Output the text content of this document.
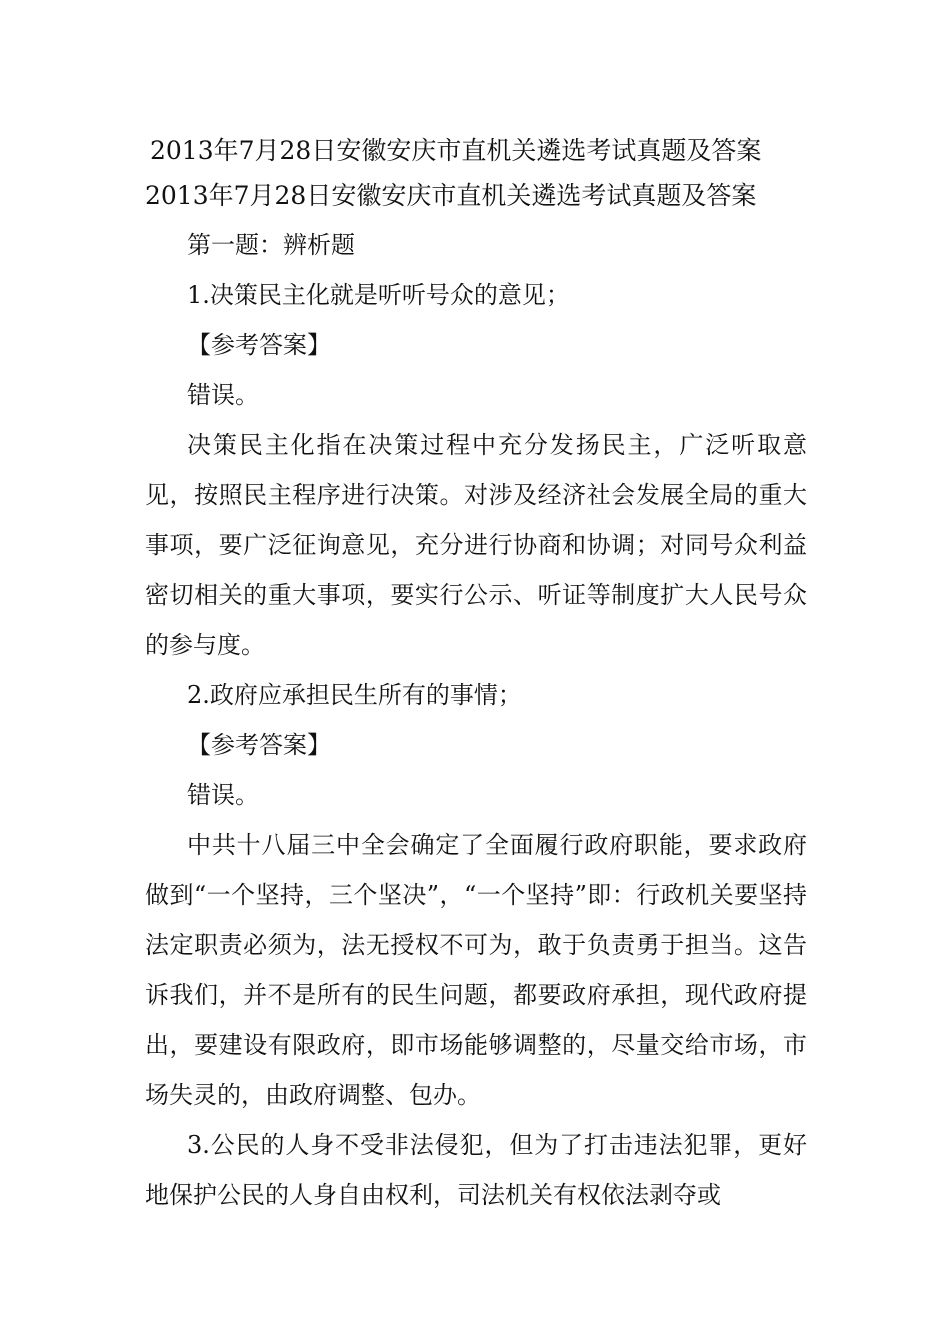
2013年7月28日安徽安庆市直机关遴选考试真题及答案
2013年7月28日安徽安庆市直机关遴选考试真题及答案

第一题：辨析题

1.决策民主化就是听听号众的意见；

【参考答案】

错误。

决策民主化指在决策过程中充分发扬民主，广泛听取意见，按照民主程序进行决策。对涉及经济社会发展全局的重大事项，要广泛征询意见，充分进行协商和协调；对同号众利益密切相关的重大事项，要实行公示、听证等制度扩大人民号众的参与度。

2.政府应承担民生所有的事情；

【参考答案】

错误。

中共十八届三中全会确定了全面履行政府职能，要求政府做到“一个坚持，三个坚决”，“一个坚持”即：行政机关要坚持法定职责必须为，法无授权不可为，敢于负责勇于担当。这告诉我们，并不是所有的民生问题，都要政府承担，现代政府提出，要建设有限政府，即市场能够调整的，尽量交给市场，市场失灵的，由政府调整、包办。

3.公民的人身不受非法侵犯，但为了打击违法犯罪，更好地保护公民的人身自由权利，司法机关有权依法剥夺或
